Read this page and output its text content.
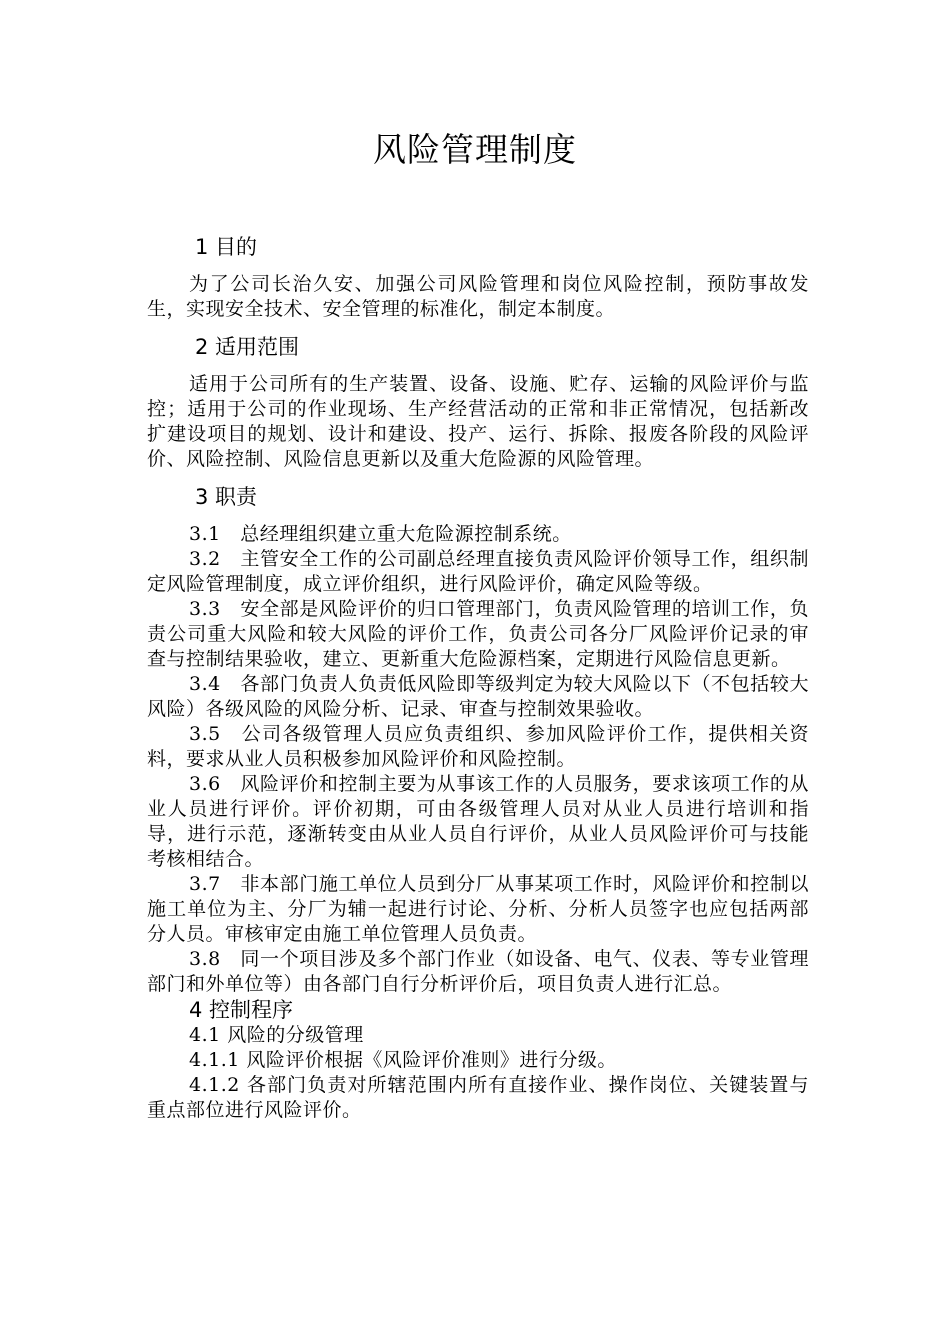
风险管理制度
1 目的

为了公司长治久安、加强公司风险管理和岗位风险控制，预防事故发生，实现安全技术、安全管理的标准化，制定本制度。

2 适用范围

适用于公司所有的生产装置、设备、设施、贮存、运输的风险评价与监控；适用于公司的作业现场、生产经营活动的正常和非正常情况，包括新改扩建设项目的规划、设计和建设、投产、运行、拆除、报废各阶段的风险评价、风险控制、风险信息更新以及重大危险源的风险管理。

3 职责

3.1　总经理组织建立重大危险源控制系统。

3.2　主管安全工作的公司副总经理直接负责风险评价领导工作，组织制定风险管理制度，成立评价组织，进行风险评价，确定风险等级。

3.3　安全部是风险评价的归口管理部门，负责风险管理的培训工作，负责公司重大风险和较大风险的评价工作，负责公司各分厂风险评价记录的审查与控制结果验收，建立、更新重大危险源档案，定期进行风险信息更新。

3.4　各部门负责人负责低风险即等级判定为较大风险以下（不包括较大风险）各级风险的风险分析、记录、审查与控制效果验收。

3.5　公司各级管理人员应负责组织、参加风险评价工作，提供相关资料，要求从业人员积极参加风险评价和风险控制。

3.6　风险评价和控制主要为从事该工作的人员服务，要求该项工作的从业人员进行评价。评价初期，可由各级管理人员对从业人员进行培训和指导，进行示范，逐渐转变由从业人员自行评价，从业人员风险评价可与技能考核相结合。

3.7　非本部门施工单位人员到分厂从事某项工作时，风险评价和控制以施工单位为主、分厂为辅一起进行讨论、分析、分析人员签字也应包括两部分人员。审核审定由施工单位管理人员负责。

3.8　同一个项目涉及多个部门作业（如设备、电气、仪表、等专业管理部门和外单位等）由各部门自行分析评价后，项目负责人进行汇总。

4 控制程序

4.1 风险的分级管理

4.1.1 风险评价根据《风险评价准则》进行分级。

4.1.2 各部门负责对所辖范围内所有直接作业、操作岗位、关键装置与重点部位进行风险评价。
